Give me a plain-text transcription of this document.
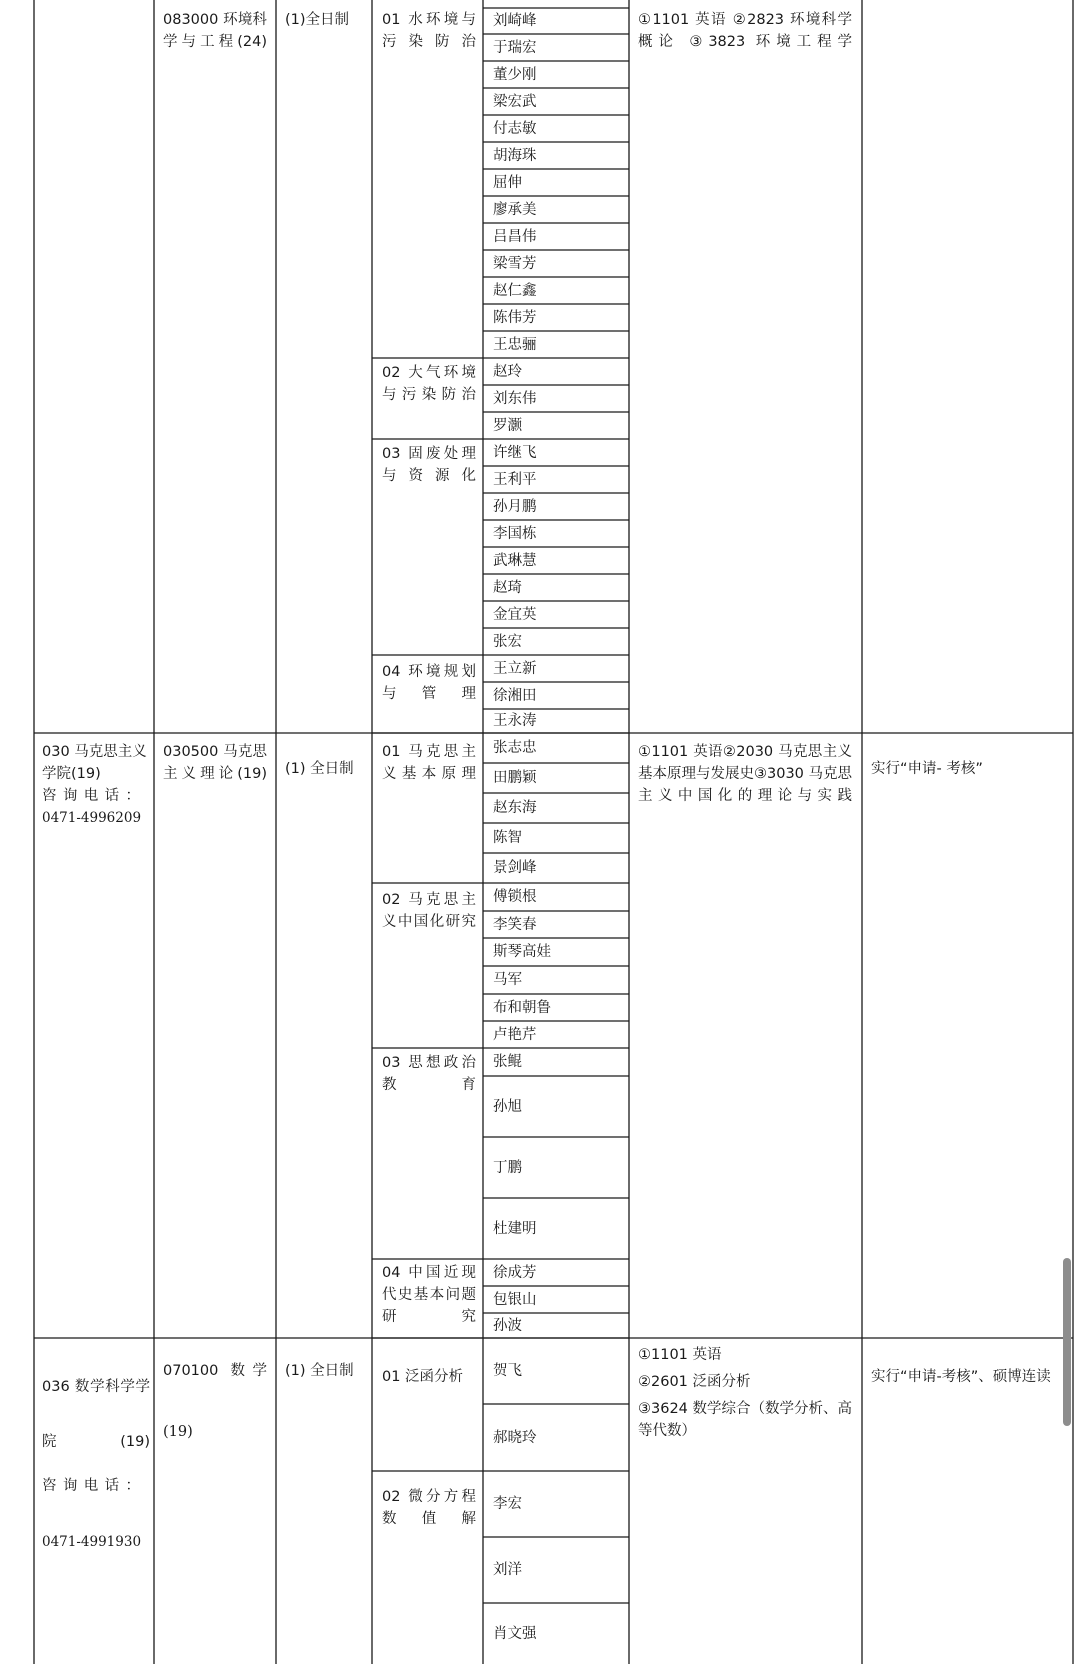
083000 环境科学与工程(24)
(1)全日制	01 水环境与污染防治
02 大气环境与污染防治
03 固废处理与资源化
04 环境规划与管理
①1101 英语 ②2823 环境科学概论 ③3823 环境工程学
030 马克思主义学院(19)
咨询电话：
0471-4996209
030500 马克思主义理论(19) (1) 全日制
01 马克思主义基本原理
02 马克思主义中国化研究
03 思想政治教育
04 中国近现代史基本问题研究
①1101 英语②2030 马克思主义基本原理与发展史③3030 马克思主义中国化的理论与实践
实行“申请- 考核”
036 数学科学学院(19)
咨询电话：
0471-4991930
070100 数学
(19)
(1) 全日制	01 泛函分析
02 微分方程数值解
①1101 英语
②2601 泛函分析
③3624 数学综合（数学分析、高等代数）
实行“申请-考核”、硕博连读
刘崎峰
于瑞宏
董少刚
梁宏武
付志敏
胡海珠
屈伸
廖承美
吕昌伟
梁雪芳
赵仁鑫
陈伟芳
王忠骊
赵玲
刘东伟
罗灏
许继飞
王利平
孙月鹏
李国栋
武琳慧
赵琦
金宜英
张宏
王立新
徐湘田
王永涛
张志忠
田鹏颖
赵东海
陈智
景剑峰
傅锁根
李笑春
斯琴高娃
马军
布和朝鲁
卢艳芹
张鲲
孙旭
丁鹏
杜建明
徐成芳
包银山
孙波
贺飞
郝晓玲
李宏
刘洋
肖文强
